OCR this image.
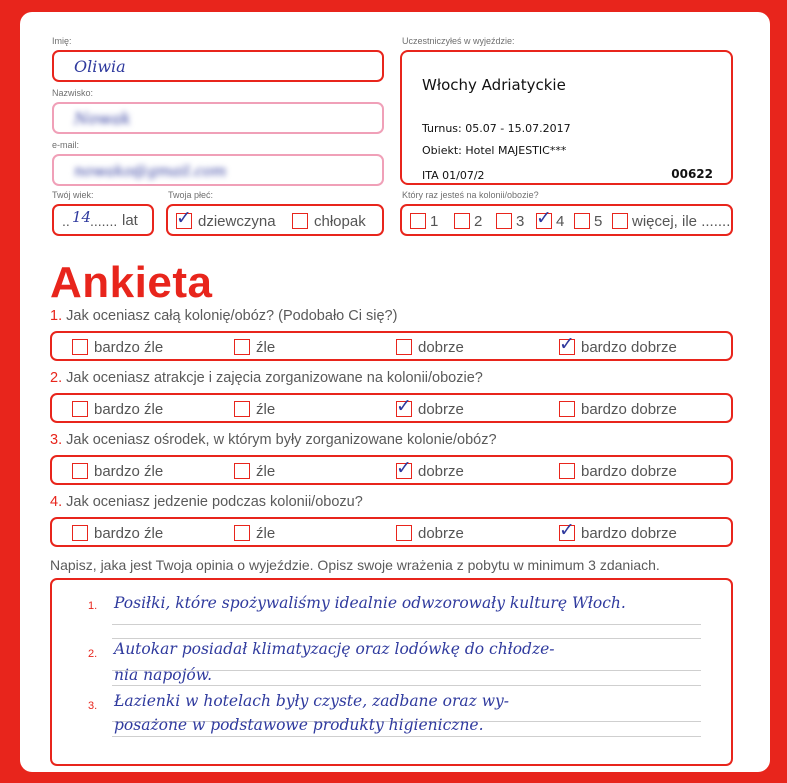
Imię:
Oliwia
Nazwisko:
Nowak
e-mail:
nowako@gmail.com
Twój wiek:
.. 14
....... lat
Twoja płeć:
✓ dziewczyna	chłopak
Uczestniczyłeś w wyjeździe:
Włochy Adriatyckie
Turnus: 05.07 - 15.07.2017
Obiekt: Hotel MAJESTIC***
ITA 01/07/2	00622
Który raz jesteś na kolonii/obozie?
1	2	3 ✓ 4	5	więcej, ile .......
Ankieta
1. Jak oceniasz całą kolonię/obóz? (Podobało Ci się?)
bardzo źle	źle	dobrze	✓ bardzo dobrze
2. Jak oceniasz atrakcje i zajęcia zorganizowane na kolonii/obozie?
bardzo źle	źle	✓ dobrze	bardzo dobrze
3. Jak oceniasz ośrodek, w którym były zorganizowane kolonie/obóz?
bardzo źle	źle	✓ dobrze	bardzo dobrze
4. Jak oceniasz jedzenie podczas kolonii/obozu?
bardzo źle	źle	dobrze	✓ bardzo dobrze
Napisz, jaka jest Twoja opinia o wyjeździe. Opisz swoje wrażenia z pobytu w minimum 3 zdaniach.
1. Posiłki, które spożywaliśmy idealnie odwzorowały kulturę Włoch.
2. Autokar posiadał klimatyzację oraz lodówkę do chłodze-
nia napojów.
3. Łazienki w hotelach były czyste, zadbane oraz wy-
posażone w podstawowe produkty higieniczne.
